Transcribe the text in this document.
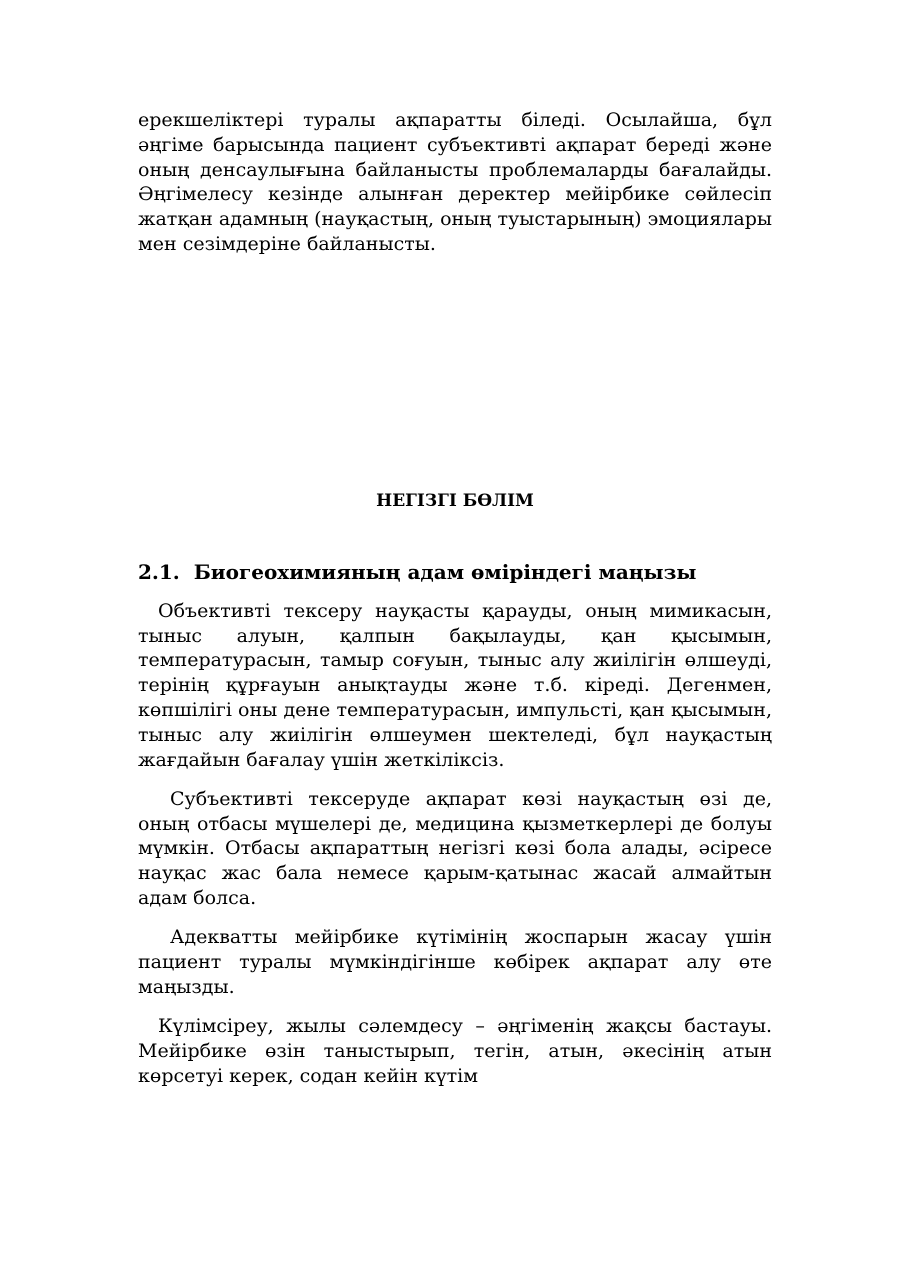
ерекшеліктері туралы ақпаратты біледі. Осылайша, бұл әңгіме барысында пациент субъективті ақпарат береді және оның денсаулығына байланысты проблемаларды бағалайды. Әңгімелесу кезінде алынған деректер мейірбике сөйлесіп жатқан адамның (науқастың, оның туыстарының) эмоциялары мен сезімдеріне байланысты.

НЕГІЗГІ БӨЛІМ

2.1. Биогеохимияның адам өміріндегі маңызы

Объективті тексеру науқасты қарауды, оның мимикасын, тыныс алуын, қалпын бақылауды, қан қысымын, температурасын, тамыр соғуын, тыныс алу жиілігін өлшеуді, терінің құрғауын анықтауды және т.б. кіреді. Дегенмен, көпшілігі оны дене температурасын, импульсті, қан қысымын, тыныс алу жиілігін өлшеумен шектеледі, бұл науқастың жағдайын бағалау үшін жеткіліксіз.

Субъективті тексеруде ақпарат көзі науқастың өзі де, оның отбасы мүшелері де, медицина қызметкерлері де болуы мүмкін. Отбасы ақпараттың негізгі көзі бола алады, әсіресе науқас жас бала немесе қарым-қатынас жасай алмайтын адам болса.

Адекватты мейірбике күтімінің жоспарын жасау үшін пациент туралы мүмкіндігінше көбірек ақпарат алу өте маңызды.

Күлімсіреу, жылы сәлемдесу – әңгіменің жақсы бастауы. Мейірбике өзін таныстырып, тегін, атын, әкесінің атын көрсетуі керек, содан кейін күтім
